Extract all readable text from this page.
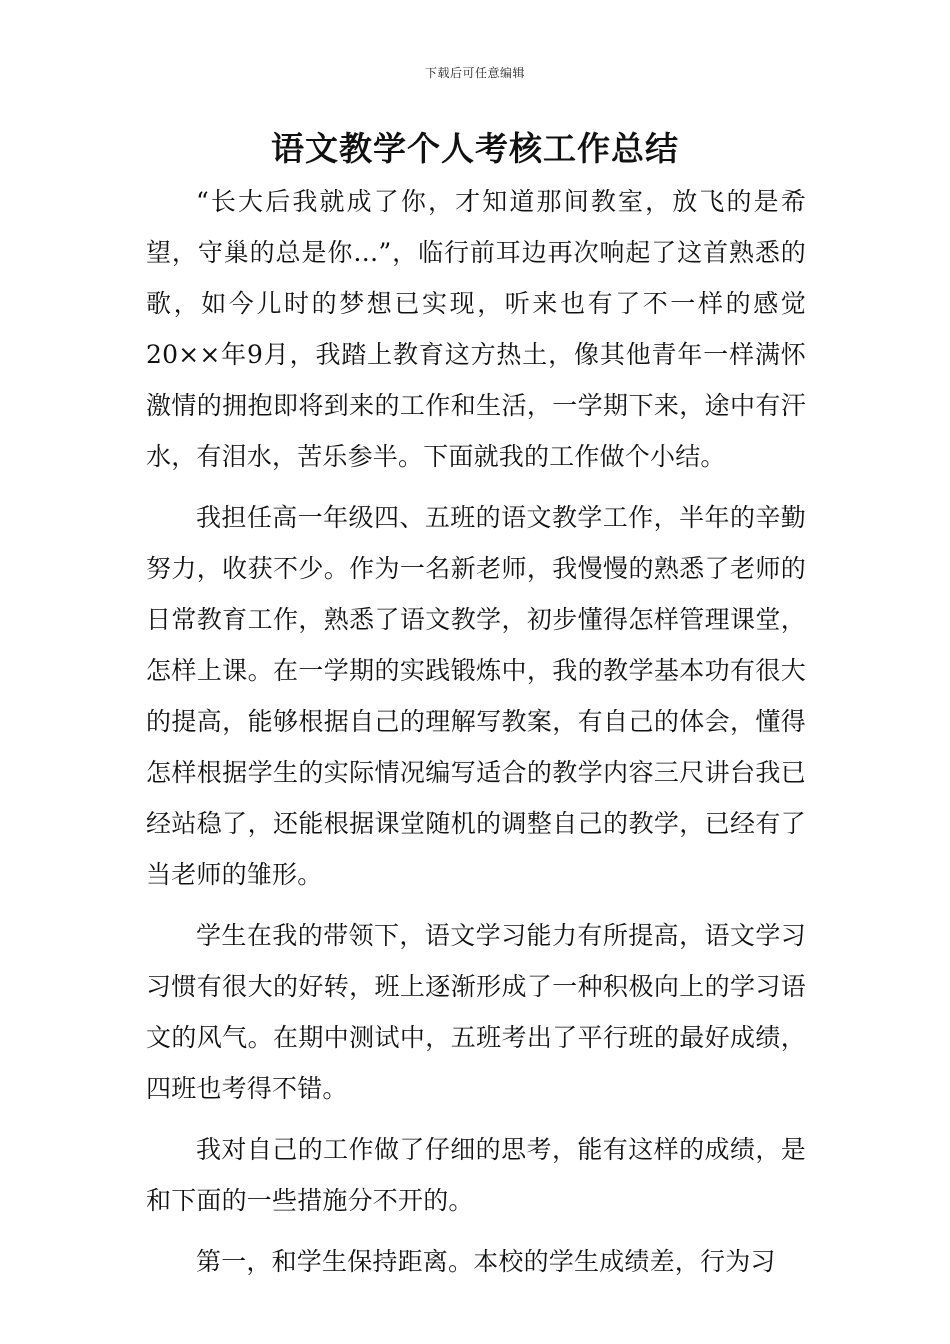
下载后可任意编辑
语文教学个人考核工作总结

“长大后我就成了你，才知道那间教室，放飞的是希望，守巢的总是你…”，临行前耳边再次响起了这首熟悉的歌，如今儿时的梦想已实现，听来也有了不一样的感觉20××年9月，我踏上教育这方热土，像其他青年一样满怀激情的拥抱即将到来的工作和生活，一学期下来，途中有汗水，有泪水，苦乐参半。下面就我的工作做个小结。

我担任高一年级四、五班的语文教学工作，半年的辛勤努力，收获不少。作为一名新老师，我慢慢的熟悉了老师的日常教育工作，熟悉了语文教学，初步懂得怎样管理课堂，怎样上课。在一学期的实践锻炼中，我的教学基本功有很大的提高，能够根据自己的理解写教案，有自己的体会，懂得怎样根据学生的实际情况编写适合的教学内容三尺讲台我已经站稳了，还能根据课堂随机的调整自己的教学，已经有了当老师的雏形。

学生在我的带领下，语文学习能力有所提高，语文学习习惯有很大的好转，班上逐渐形成了一种积极向上的学习语文的风气。在期中测试中，五班考出了平行班的最好成绩，四班也考得不错。

我对自己的工作做了仔细的思考，能有这样的成绩，是和下面的一些措施分不开的。

第一，和学生保持距离。本校的学生成绩差，行为习
